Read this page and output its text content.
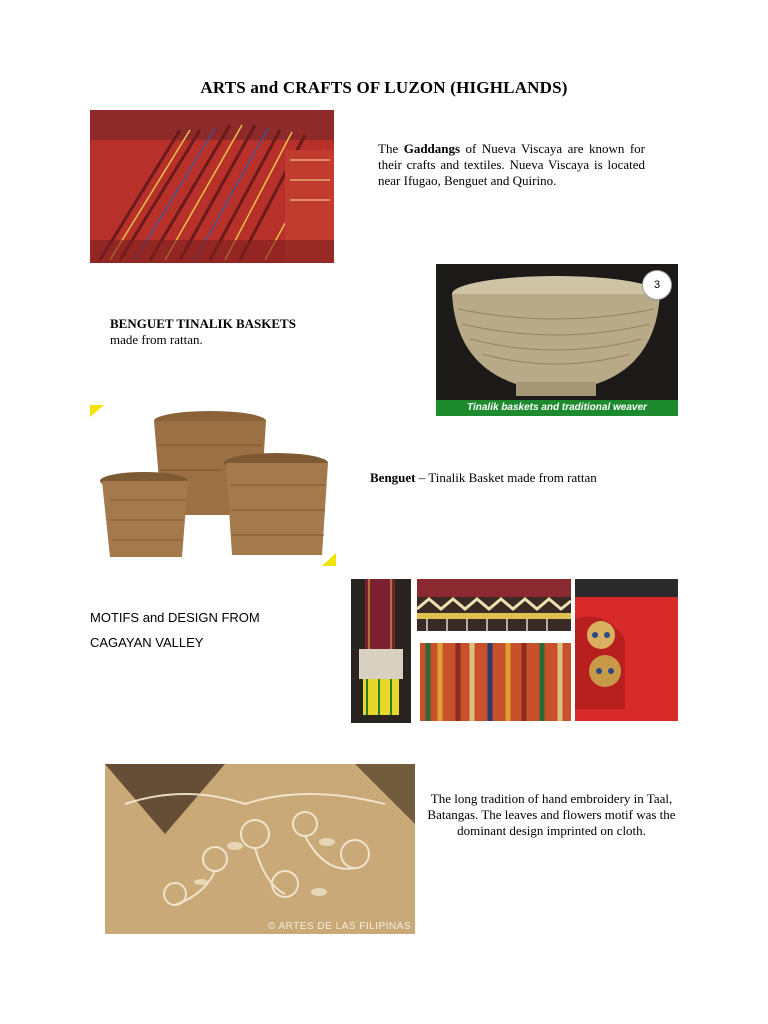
ARTS and CRAFTS OF LUZON (HIGHLANDS)
The Gaddangs of Nueva Viscaya are known for their crafts and textiles. Nueva Viscaya is located near Ifugao, Benguet and Quirino.
3
Tinalik baskets and traditional weaver
BENGUET TINALIK BASKETS
made from rattan.
Benguet – Tinalik Basket made from rattan
MOTIFS and DESIGN FROM
CAGAYAN VALLEY
© ARTES DE LAS FILIPINAS
The long tradition of hand embroidery in Taal, Batangas. The leaves and flowers motif was the dominant design imprinted on cloth.
